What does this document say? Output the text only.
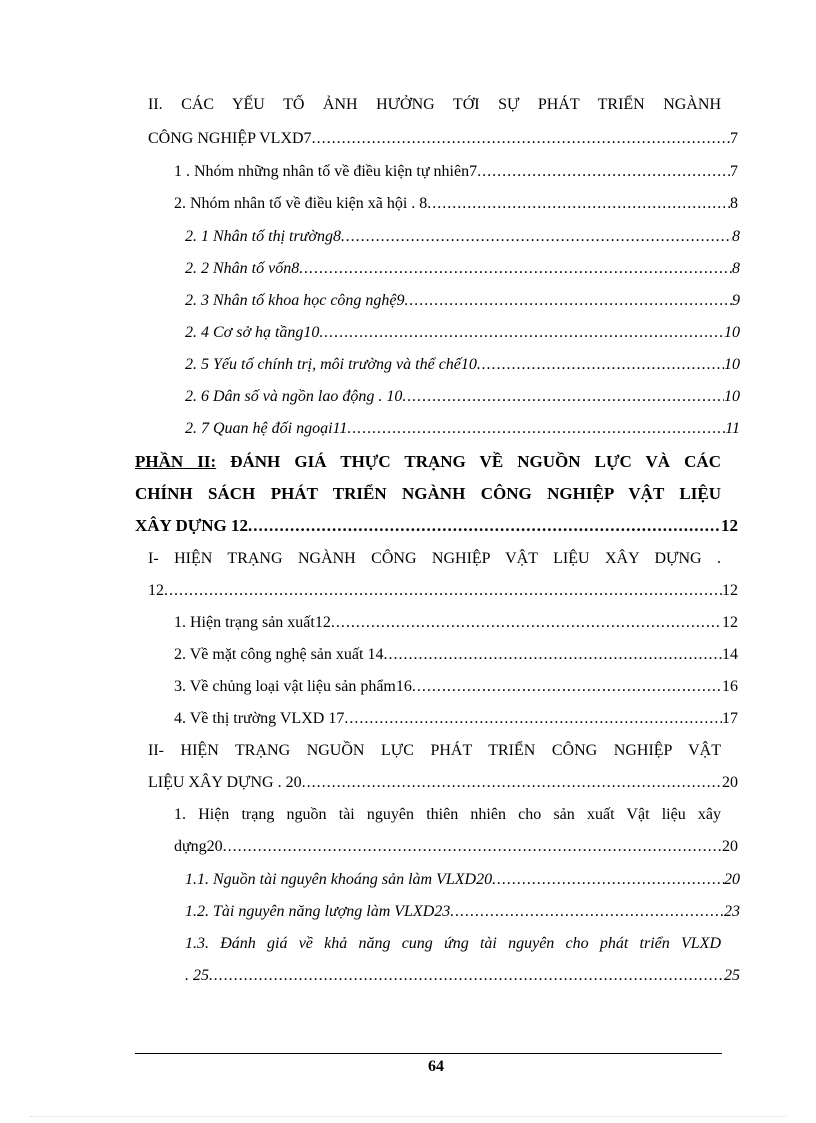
II. CÁC YẾU TỐ ẢNH HƯỞNG TỚI SỰ PHÁT TRIỂN NGÀNH
CÔNG NGHIỆP VLXD7 .....	7
1 . Nhóm những nhân tố về điều kiện tự nhiên7 .....	7
2. Nhóm nhân tố về điều kiện xã hội . 8 .....	8
2. 1 Nhân tố thị trường8 .....	8
2. 2 Nhân tố vốn8 .....	8
2. 3 Nhân tố khoa học công nghệ9 .....	9
2. 4 Cơ sở hạ tầng10 .....	10
2. 5 Yếu tố chính trị, môi trường và thể chế10 .....	10
2. 6 Dân số và ngồn lao động . 10 .....	10
2. 7 Quan hệ đối ngoại11 .....	11
PHẦN II: ĐÁNH GIÁ THỰC TRẠNG VỀ NGUỒN LỰC VÀ CÁC
CHÍNH SÁCH PHÁT TRIỂN NGÀNH CÔNG NGHIỆP VẬT LIỆU
XÂY DỰNG 12 .....	12
I- HIỆN TRẠNG NGÀNH CÔNG NGHIỆP VẬT LIỆU XÂY DỰNG .
12 .....	12
1. Hiện trạng sản xuất12 .....	12
2. Về mặt công nghệ sản xuất 14 .....	14
3. Về chủng loại vật liệu sản phẩm16 .....	16
4. Về thị trường VLXD 17 .....	17
II- HIỆN TRẠNG NGUỒN LỰC PHÁT TRIỂN CÔNG NGHIỆP VẬT
LIỆU XÂY DỰNG . 20 .....	20
1. Hiện trạng nguồn tài nguyên thiên nhiên cho sản xuất Vật liệu xây
dựng20 .....	20
1.1. Nguồn tài nguyên khoáng sản làm VLXD20 .....	20
1.2. Tài nguyên năng lượng làm VLXD23 .....	23
1.3. Đánh giá về khả năng cung ứng tài nguyên cho phát triển VLXD
. 25 .....	25
64
